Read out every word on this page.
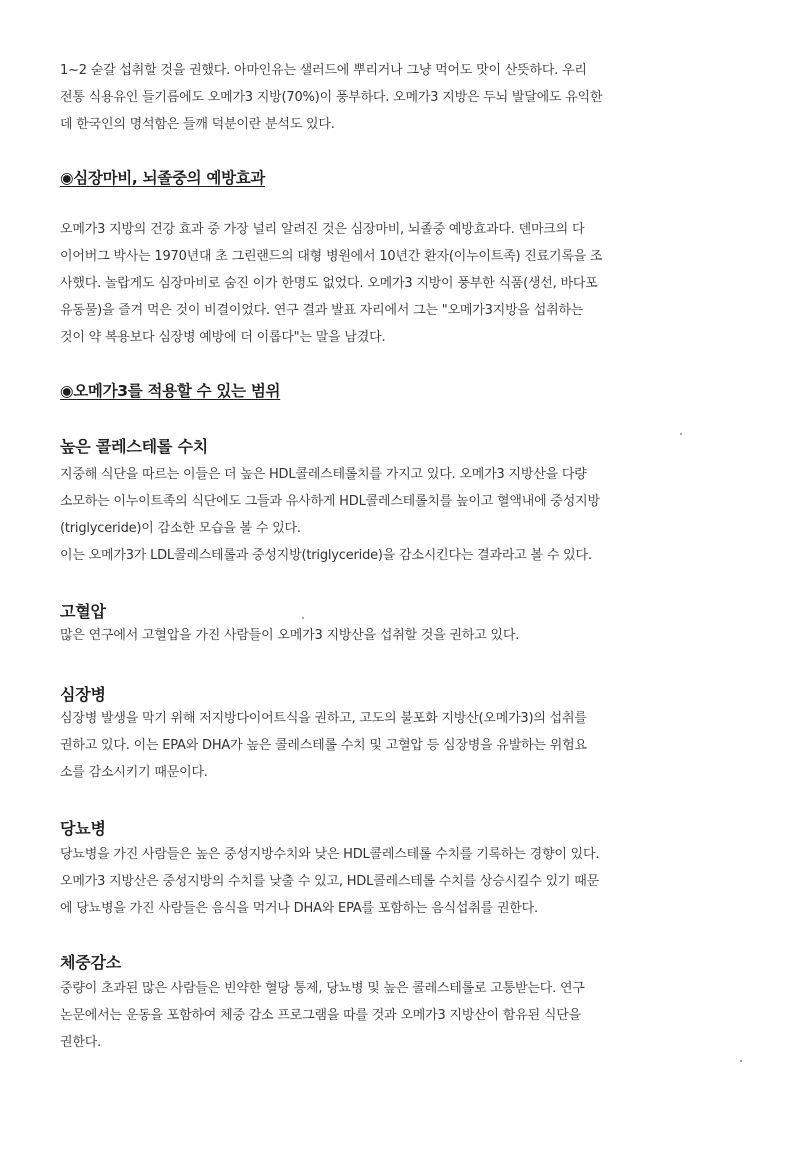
1~2 숟갈 섭취할 것을 권했다. 아마인유는 샐러드에 뿌리거나 그냥 먹어도 맛이 산뜻하다. 우리
전통 식용유인 들기름에도 오메가3 지방(70%)이 풍부하다. 오메가3 지방은 두뇌 발달에도 유익한
데 한국인의 명석함은 들깨 덕분이란 분석도 있다.

◉심장마비, 뇌졸중의 예방효과

오메가3 지방의 건강 효과 중 가장 널리 알려진 것은 심장마비, 뇌졸중 예방효과다. 덴마크의 다
이어버그 박사는 1970년대 초 그린랜드의 대형 병원에서 10년간 환자(이누이트족) 진료기록을 조
사했다. 놀랍게도 심장마비로 숨진 이가 한명도 없었다. 오메가3 지방이 풍부한 식품(생선, 바다포
유동물)을 즐겨 먹은 것이 비결이었다. 연구 결과 발표 자리에서 그는 "오메가3지방을 섭취하는
것이 약 복용보다 심장병 예방에 더 이롭다"는 말을 남겼다.

◉오메가3를 적용할 수 있는 범위
높은 콜레스테롤 수치

지중해 식단을 따르는 이들은 더 높은 HDL콜레스테롤치를 가지고 있다. 오메가3 지방산을 다량
소모하는 이누이트족의 식단에도 그들과 유사하게 HDL콜레스테롤치를 높이고 혈액내에 중성지방
(triglyceride)이 감소한 모습을 볼 수 있다.
이는 오메가3가 LDL콜레스테롤과 중성지방(triglyceride)을 감소시킨다는 결과라고 볼 수 있다.

고혈압

많은 연구에서 고혈압을 가진 사람들이 오메가3 지방산을 섭취할 것을 권하고 있다.

심장병

심장병 발생을 막기 위해 저지방다이어트식을 권하고, 고도의 불포화 지방산(오메가3)의 섭취를
권하고 있다. 이는 EPA와 DHA가 높은 콜레스테롤 수치 및 고혈압 등 심장병을 유발하는 위험요
소를 감소시키기 때문이다.

당뇨병

당뇨병을 가진 사람들은 높은 중성지방수치와 낮은 HDL콜레스테롤 수치를 기록하는 경향이 있다.
오메가3 지방산은 중성지방의 수치를 낮출 수 있고, HDL콜레스테롤 수치를 상승시킬수 있기 때문
에 당뇨병을 가진 사람들은 음식을 먹거나 DHA와 EPA를 포함하는 음식섭취를 권한다.

체중감소

중량이 초과된 많은 사람들은 빈약한 혈당 통제, 당뇨병 및 높은 콜레스테롤로 고통받는다. 연구
논문에서는 운동을 포함하여 체중 감소 프로그램을 따를 것과 오메가3 지방산이 함유된 식단을
권한다.
